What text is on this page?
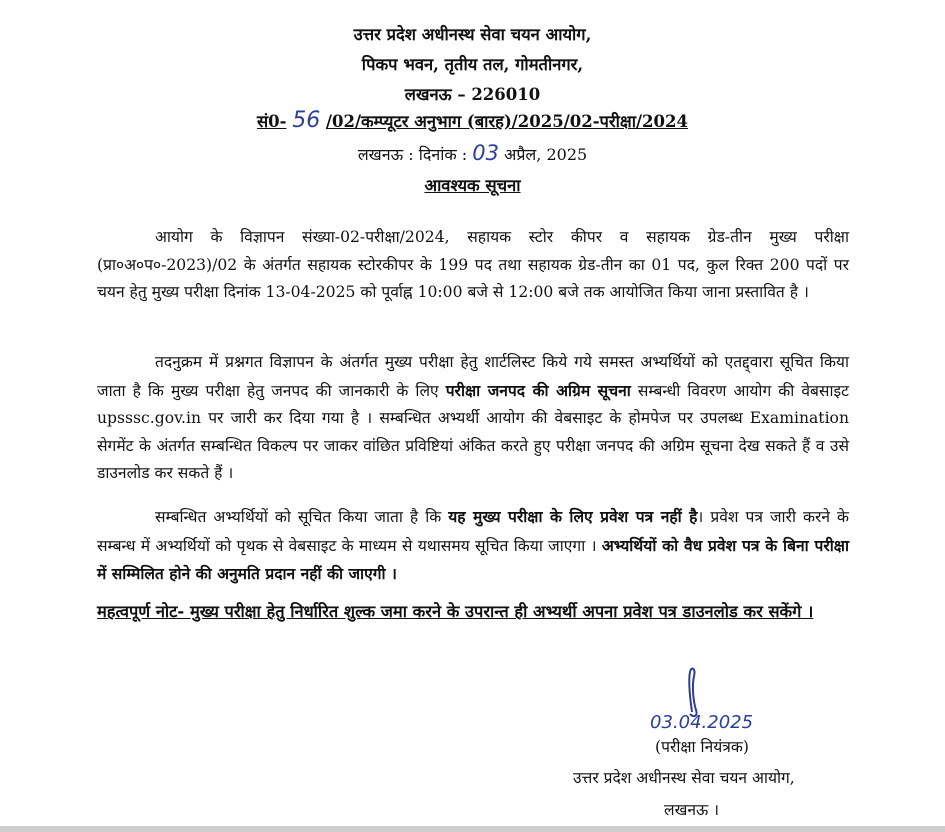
उत्तर प्रदेश अधीनस्थ सेवा चयन आयोग,
पिकप भवन, तृतीय तल, गोमतीनगर,
लखनऊ – 226010
सं0- 56 /02/कम्प्यूटर अनुभाग (बारह)/2025/02-परीक्षा/2024
लखनऊ : दिनांक : 03 अप्रैल, 2025
आवश्यक सूचना
आयोग के विज्ञापन संख्या-02-परीक्षा/2024, सहायक स्टोर कीपर व सहायक ग्रेड-तीन मुख्य परीक्षा (प्रा०अ०प०-2023)/02 के अंतर्गत सहायक स्टोरकीपर के 199 पद तथा सहायक ग्रेड-तीन का 01 पद, कुल रिक्त 200 पदों पर चयन हेतु मुख्य परीक्षा दिनांक 13-04-2025 को पूर्वाह्न 10:00 बजे से 12:00 बजे तक आयोजित किया जाना प्रस्तावित है ।
तदनुक्रम में प्रश्नगत विज्ञापन के अंतर्गत मुख्य परीक्षा हेतु शार्टलिस्ट किये गये समस्त अभ्यर्थियों को एतद्द्वारा सूचित किया जाता है कि मुख्य परीक्षा हेतु जनपद की जानकारी के लिए परीक्षा जनपद की अग्रिम सूचना सम्बन्धी विवरण आयोग की वेबसाइट upsssc.gov.in पर जारी कर दिया गया है । सम्बन्धित अभ्यर्थी आयोग की वेबसाइट के होमपेज पर उपलब्ध Examination सेगमेंट के अंतर्गत सम्बन्धित विकल्प पर जाकर वांछित प्रविष्टियां अंकित करते हुए परीक्षा जनपद की अग्रिम सूचना देख सकते हैं व उसे डाउनलोड कर सकते हैं ।
सम्बन्धित अभ्यर्थियों को सूचित किया जाता है कि यह मुख्य परीक्षा के लिए प्रवेश पत्र नहीं है। प्रवेश पत्र जारी करने के सम्बन्ध में अभ्यर्थियों को पृथक से वेबसाइट के माध्यम से यथासमय सूचित किया जाएगा । अभ्यर्थियों को वैध प्रवेश पत्र के बिना परीक्षा में सम्मिलित होने की अनुमति प्रदान नहीं की जाएगी ।
महत्वपूर्ण नोट- मुख्य परीक्षा हेतु निर्धारित शुल्क जमा करने के उपरान्त ही अभ्यर्थी अपना प्रवेश पत्र डाउनलोड कर सकेंगे ।
03.04.2025
(परीक्षा नियंत्रक)
उत्तर प्रदेश अधीनस्थ सेवा चयन आयोग,
लखनऊ ।
